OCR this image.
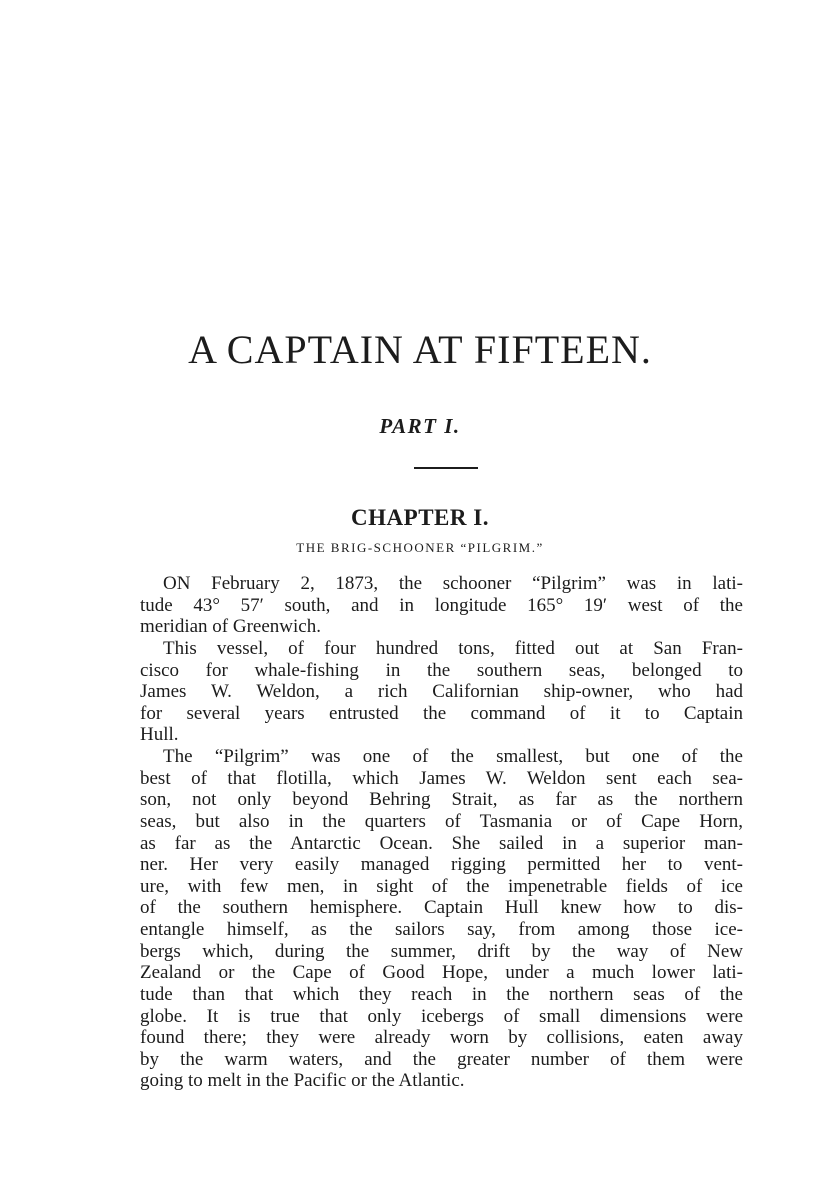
A CAPTAIN AT FIFTEEN.
PART I.
CHAPTER I.
THE BRIG-SCHOONER “PILGRIM.”
ON February 2, 1873, the schooner “Pilgrim” was in lati-
tude 43° 57′ south, and in longitude 165° 19′ west of the
meridian of Greenwich.
This vessel, of four hundred tons, fitted out at San Fran-
cisco for whale-fishing in the southern seas, belonged to
James W. Weldon, a rich Californian ship-owner, who had
for several years entrusted the command of it to Captain
Hull.
The “Pilgrim” was one of the smallest, but one of the
best of that flotilla, which James W. Weldon sent each sea-
son, not only beyond Behring Strait, as far as the northern
seas, but also in the quarters of Tasmania or of Cape Horn,
as far as the Antarctic Ocean. She sailed in a superior man-
ner. Her very easily managed rigging permitted her to vent-
ure, with few men, in sight of the impenetrable fields of ice
of the southern hemisphere. Captain Hull knew how to dis-
entangle himself, as the sailors say, from among those ice-
bergs which, during the summer, drift by the way of New
Zealand or the Cape of Good Hope, under a much lower lati-
tude than that which they reach in the northern seas of the
globe. It is true that only icebergs of small dimensions were
found there; they were already worn by collisions, eaten away
by the warm waters, and the greater number of them were
going to melt in the Pacific or the Atlantic.
